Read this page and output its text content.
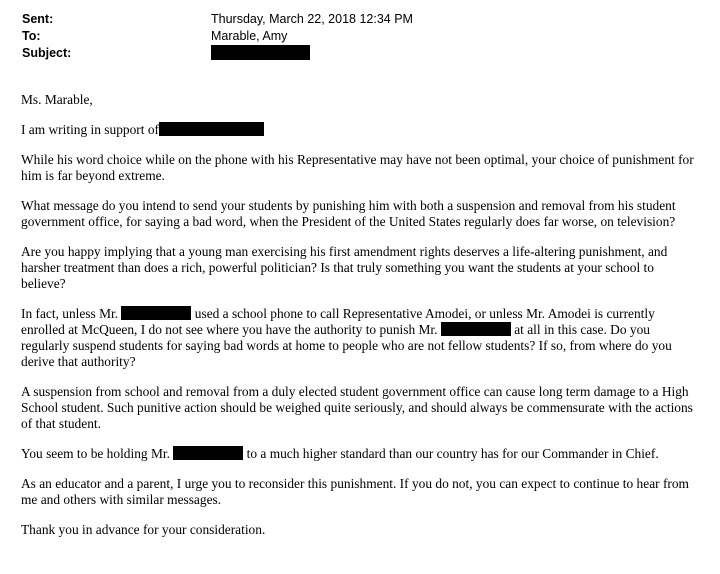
Sent:	Thursday, March 22, 2018 12:34 PM
To:	Marable, Amy
Subject:

Ms. Marable,

I am writing in support of

While his word choice while on the phone with his Representative may have not been optimal, your choice of punishment for him is far beyond extreme.

What message do you intend to send your students by punishing him with both a suspension and removal from his student government office, for saying a bad word, when the President of the United States regularly does far worse, on television?

Are you happy implying that a young man exercising his first amendment rights deserves a life-altering punishment, and harsher treatment than does a rich, powerful politician? Is that truly something you want the students at your school to believe?

In fact, unless Mr.	used a school phone to call Representative Amodei, or unless Mr. Amodei is currently enrolled at McQueen, I do not see where you have the authority to punish Mr.	at all in this case. Do you regularly suspend students for saying bad words at home to people who are not fellow students? If so, from where do you derive that authority?

A suspension from school and removal from a duly elected student government office can cause long term damage to a High School student. Such punitive action should be weighed quite seriously, and should always be commensurate with the actions of that student.

You seem to be holding Mr.	to a much higher standard than our country has for our Commander in Chief.

As an educator and a parent, I urge you to reconsider this punishment. If you do not, you can expect to continue to hear from me and others with similar messages.

Thank you in advance for your consideration.
